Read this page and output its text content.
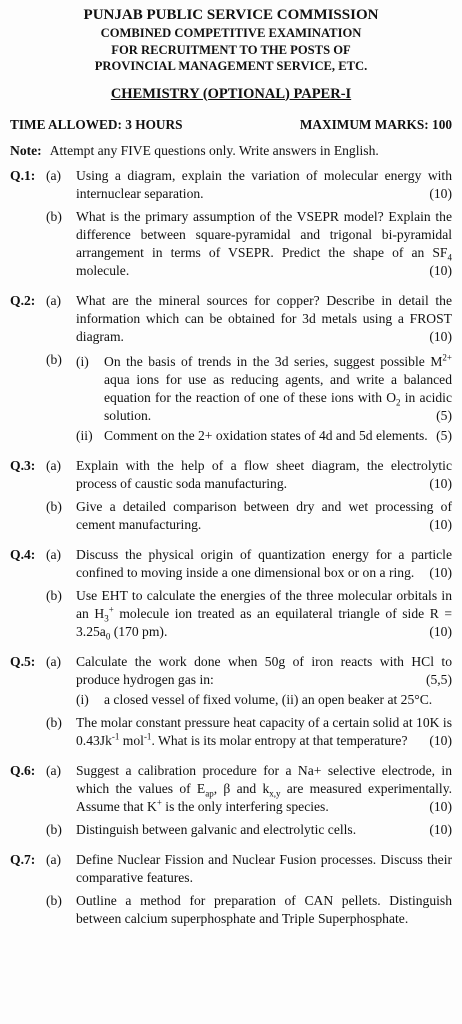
PUNJAB PUBLIC SERVICE COMMISSION
COMBINED COMPETITIVE EXAMINATION
FOR RECRUITMENT TO THE POSTS OF
PROVINCIAL MANAGEMENT SERVICE, ETC.
CHEMISTRY (OPTIONAL) PAPER-I
TIME ALLOWED: 3 HOURS	MAXIMUM MARKS: 100
Note: Attempt any FIVE questions only. Write answers in English.
Q.1: (a)	Using a diagram, explain the variation of molecular energy with internuclear separation.	(10)
(b)	What is the primary assumption of the VSEPR model? Explain the difference between square-pyramidal and trigonal bi-pyramidal arrangement in terms of VSEPR. Predict the shape of an $SF_4$ molecule.	(10)
Q.2: (a)	What are the mineral sources for copper? Describe in detail the information which can be obtained for 3d metals using a FROST diagram.	(10)
(b)	(i)	On the basis of trends in the 3d series, suggest possible $M^{2+}$ aqua ions for use as reducing agents, and write a balanced equation for the reaction of one of these ions with $O_2$ in acidic solution.	(5)
(ii) Comment on the 2+ oxidation states of 4d and 5d elements. (5)
Q.3: (a)	Explain with the help of a flow sheet diagram, the electrolytic process of caustic soda manufacturing.	(10)
(b)	Give a detailed comparison between dry and wet processing of cement manufacturing.	(10)
Q.4: (a)	Discuss the physical origin of quantization energy for a particle confined to moving inside a one dimensional box or on a ring. (10)
(b)	Use EHT to calculate the energies of the three molecular orbitals in an $H_3^+$ molecule ion treated as an equilateral triangle of side $R = 3.25a_0$ (170 pm).	(10)
Q.5: (a)	Calculate the work done when 50g of iron reacts with HCl to produce hydrogen gas in:	(5,5)
(i)	a closed vessel of fixed volume, (ii) an open beaker at 25°C.
(b)	The molar constant pressure heat capacity of a certain solid at 10K is $0.43Jk^{-1}$ mol$^{-1}$. What is its molar entropy at that temperature? (10)
Q.6: (a)	Suggest a calibration procedure for a Na+ selective electrode, in which the values of $E_{ap}$, β and $k_{x,y}$ are measured experimentally. Assume that K+ is the only interfering species.	(10)
(b)	Distinguish between galvanic and electrolytic cells.	(10)
Q.7: (a)	Define Nuclear Fission and Nuclear Fusion processes. Discuss their comparative features.
(b)	Outline a method for preparation of CAN pellets. Distinguish between calcium superphosphate and Triple Superphosphate.
